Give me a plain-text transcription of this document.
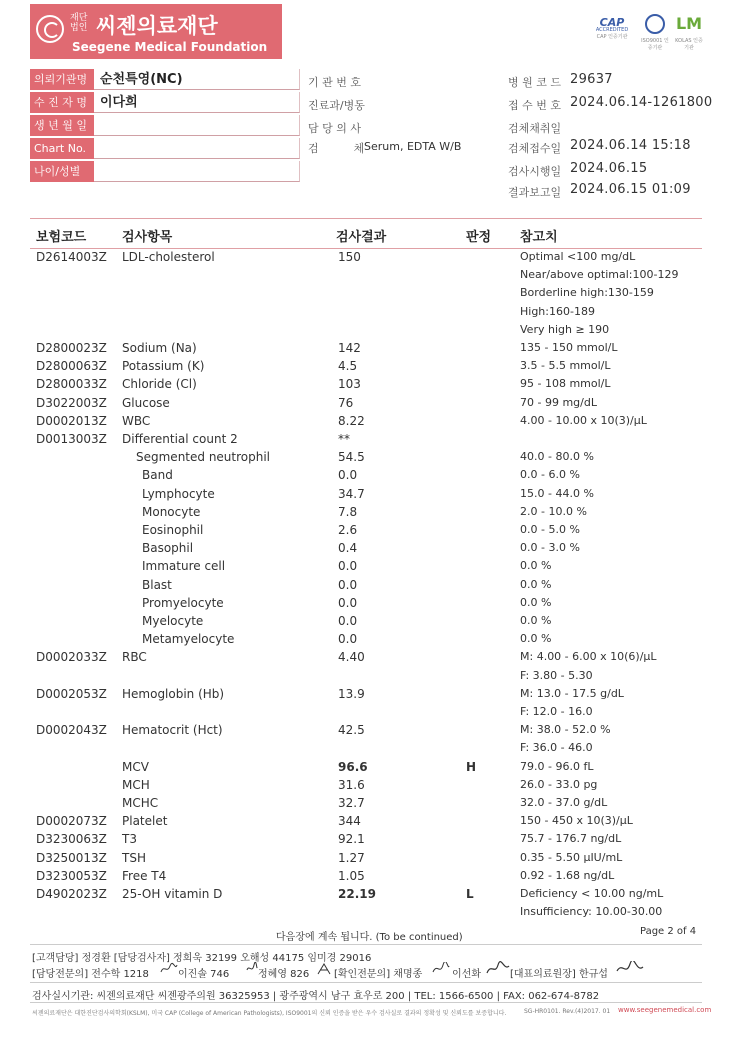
재단
법인 씨젠의료재단
Seegene Medical Foundation
CAP
ACCREDITED
CAP 인증기관
ISO9001 인증기관
LM
KOLAS 인증기관
의뢰기관명 순천특영(NC)
수 진 자 명	이다희
생 년 월 일
Chart No.
나이/성별
기 관 번 호
진료과/병동
담 당 의 사
검          체 Serum, EDTA W/B
병 원 코 드 29637
접 수 번 호 2024.06.14-1261800
검체채취일
검체접수일 2024.06.14 15:18
검사시행일 2024.06.15
결과보고일 2024.06.15 01:09
보험코드	검사항목	검사결과	판정 참고치
D2614003Z LDL-cholesterol	150	Optimal <100 mg/dL
Near/above optimal:100-129
Borderline high:130-159
High:160-189
Very high ≥ 190
D2800023Z Sodium (Na)	142	135 - 150 mmol/L
D2800063Z Potassium (K)	4.5	3.5 - 5.5 mmol/L
D2800033Z Chloride (Cl)	103	95 - 108 mmol/L
D3022003Z Glucose	76	70 - 99 mg/dL
D0002013Z WBC	8.22	4.00 - 10.00 x 10(3)/μL
D0013003Z Differential count 2	**
Segmented neutrophil	54.5	40.0 - 80.0 %
Band	0.0	0.0 - 6.0 %
Lymphocyte	34.7	15.0 - 44.0 %
Monocyte	7.8	2.0 - 10.0 %
Eosinophil	2.6	0.0 - 5.0 %
Basophil	0.4	0.0 - 3.0 %
Immature cell	0.0	0.0 %
Blast	0.0	0.0 %
Promyelocyte	0.0	0.0 %
Myelocyte	0.0	0.0 %
Metamyelocyte	0.0	0.0 %
D0002033Z RBC	4.40	M: 4.00 - 6.00 x 10(6)/μL
F: 3.80 - 5.30
D0002053Z Hemoglobin (Hb)	13.9	M: 13.0 - 17.5 g/dL
F: 12.0 - 16.0
D0002043Z Hematocrit (Hct)	42.5	M: 38.0 - 52.0 %
F: 36.0 - 46.0
MCV	96.6	H	79.0 - 96.0 fL
MCH	31.6	26.0 - 33.0 pg
MCHC	32.7	32.0 - 37.0 g/dL
D0002073Z Platelet	344	150 - 450 x 10(3)/μL
D3230063Z T3	92.1	75.7 - 176.7 ng/dL
D3250013Z TSH	1.27	0.35 - 5.50 μIU/mL
D3230053Z Free T4	1.05	0.92 - 1.68 ng/dL
D4902023Z 25-OH vitamin D	22.19	L	Deficiency < 10.00 ng/mL
Insufficiency: 10.00-30.00
다음장에 계속 됩니다. (To be continued)
Page 2 of 4
[고객담당] 정경환 [담당검사자] 정희욱 32199 오해성 44175 임미경 29016
[담당전문의] 전수학 1218	이진솔 746	정혜영 826 [확인전문의] 채명종	이선화	[대표의료원장] 한규섭
검사실시기관: 씨젠의료재단 씨젠광주의원 36325953 | 광주광역시 남구 효우로 200 | TEL: 1566-6500 | FAX: 062-674-8782
씨젠의료재단은 대한진단검사의학회(KSLM), 미국 CAP (College of American Pathologists), ISO9001의 신뢰 인증을 받은 우수 검사실로 결과의 정확성 및 신뢰도를 보증합니다.	SG-HR0101. Rev.(4)2017. 01 www.seegenemedical.com
